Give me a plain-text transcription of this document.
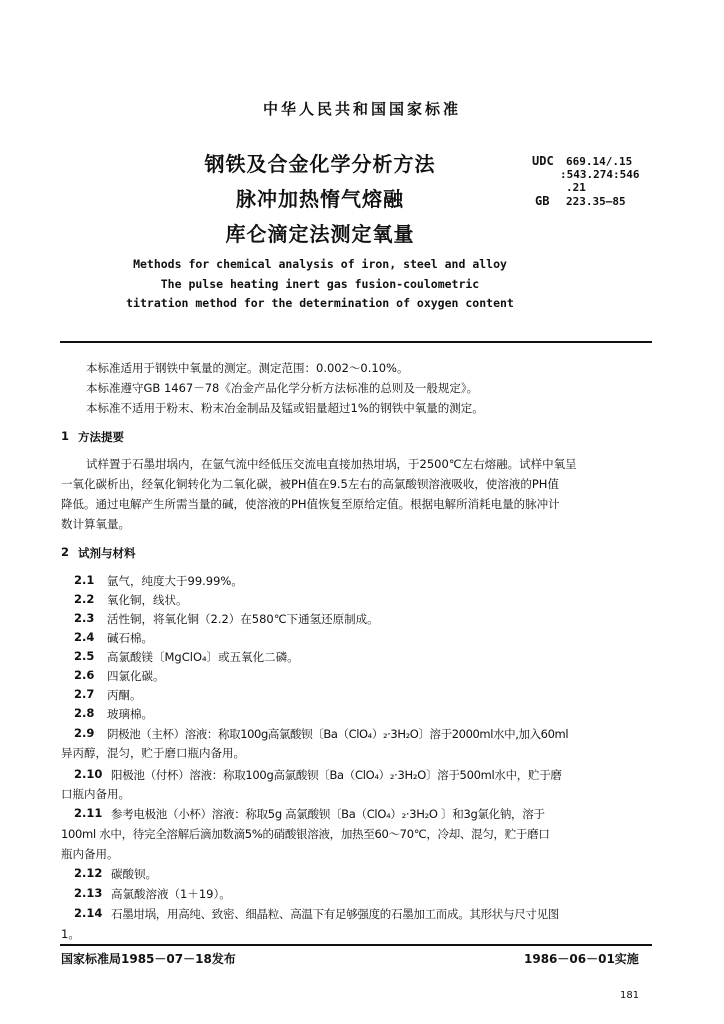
中华人民共和国国家标准
钢铁及合金化学分析方法
脉冲加热惰气熔融
库仑滴定法测定氧量
UDC 669.14/.15
:543.274:546
.21
GB 223.35—85
Methods for chemical analysis of iron, steel and alloy
The pulse heating inert gas fusion-coulometric
titration method for the determination of oxygen content
本标准适用于钢铁中氧量的测定。测定范围：0.002～0.10%。
本标准遵守GB 1467－78《冶金产品化学分析方法标准的总则及一般规定》。
本标准不适用于粉末、粉末冶金制品及锰或铝量超过1%的钢铁中氧量的测定。
1 方法提要
试样置于石墨坩埚内，在氩气流中经低压交流电直接加热坩埚，于2500℃左右熔融。试样中氧呈
一氧化碳析出，经氧化铜转化为二氧化碳，被PH值在9.5左右的高氯酸钡溶液吸收，使溶液的PH值
降低。通过电解产生所需当量的碱，使溶液的PH值恢复至原给定值。根据电解所消耗电量的脉冲计
数计算氧量。
2 试剂与材料
2.1 氩气，纯度大于99.99%。
2.2 氧化铜，线状。
2.3 活性铜，将氧化铜（2.2）在580℃下通氢还原制成。
2.4 碱石棉。
2.5 高氯酸镁〔MgClO₄〕或五氧化二磷。
2.6 四氯化碳。
2.7 丙酮。
2.8 玻璃棉。
2.9 阴极池（主杯）溶液：称取100g高氯酸钡〔Ba（ClO₄）₂·3H₂O〕溶于2000ml水中,加入60ml
异丙醇，混匀，贮于磨口瓶内备用。
2.10 阳极池（付杯）溶液：称取100g高氯酸钡〔Ba（ClO₄）₂·3H₂O〕溶于500ml水中，贮于磨
口瓶内备用。
2.11 参考电极池（小杯）溶液：称取5g 高氯酸钡〔Ba（ClO₄）₂·3H₂O 〕和3g氯化钠，溶于
100ml 水中，待完全溶解后滴加数滴5%的硝酸银溶液，加热至60～70℃，冷却、混匀，贮于磨口
瓶内备用。
2.12 碳酸钡。
2.13 高氯酸溶液（1＋19）。
2.14 石墨坩埚，用高纯、致密、细晶粒、高温下有足够强度的石墨加工而成。其形状与尺寸见图
1。
国家标准局1985－07－18发布	1986－06－01实施
181
